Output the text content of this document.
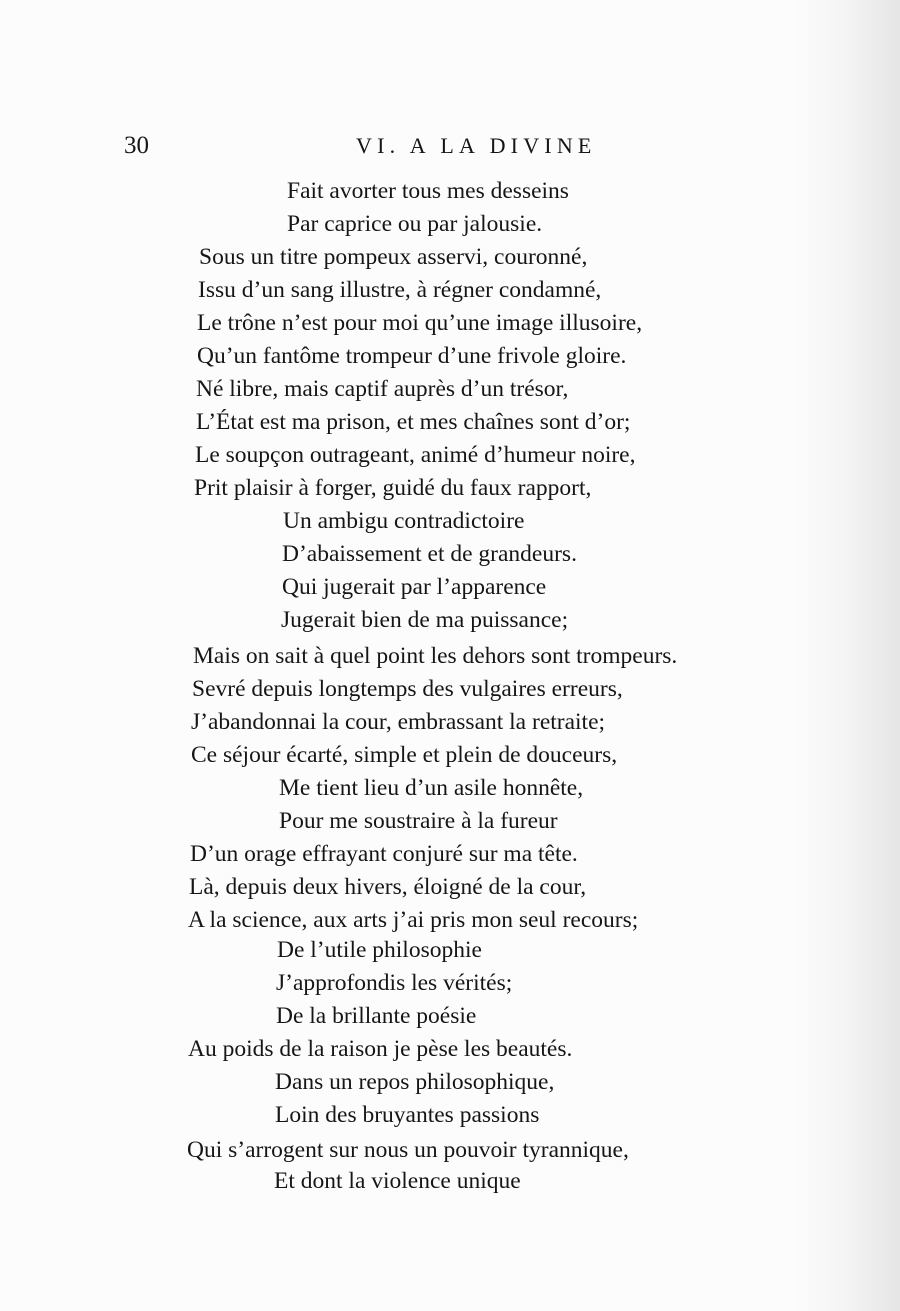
30	VI. A LA DIVINE
Fait avorter tous mes desseins
Par caprice ou par jalousie.
Sous un titre pompeux asservi, couronné,
Issu d’un sang illustre, à régner condamné,
Le trône n’est pour moi qu’une image illusoire,
Qu’un fantôme trompeur d’une frivole gloire.
Né libre, mais captif auprès d’un trésor,
L’État est ma prison, et mes chaînes sont d’or;
Le soupçon outrageant, animé d’humeur noire,
Prit plaisir à forger, guidé du faux rapport,
Un ambigu contradictoire
D’abaissement et de grandeurs.
Qui jugerait par l’apparence
Jugerait bien de ma puissance;
Mais on sait à quel point les dehors sont trompeurs.
Sevré depuis longtemps des vulgaires erreurs,
J’abandonnai la cour, embrassant la retraite;
Ce séjour écarté, simple et plein de douceurs,
Me tient lieu d’un asile honnête,
Pour me soustraire à la fureur
D’un orage effrayant conjuré sur ma tête.
Là, depuis deux hivers, éloigné de la cour,
A la science, aux arts j’ai pris mon seul recours;
De l’utile philosophie
J’approfondis les vérités;
De la brillante poésie
Au poids de la raison je pèse les beautés.
Dans un repos philosophique,
Loin des bruyantes passions
Qui s’arrogent sur nous un pouvoir tyrannique,
Et dont la violence unique
